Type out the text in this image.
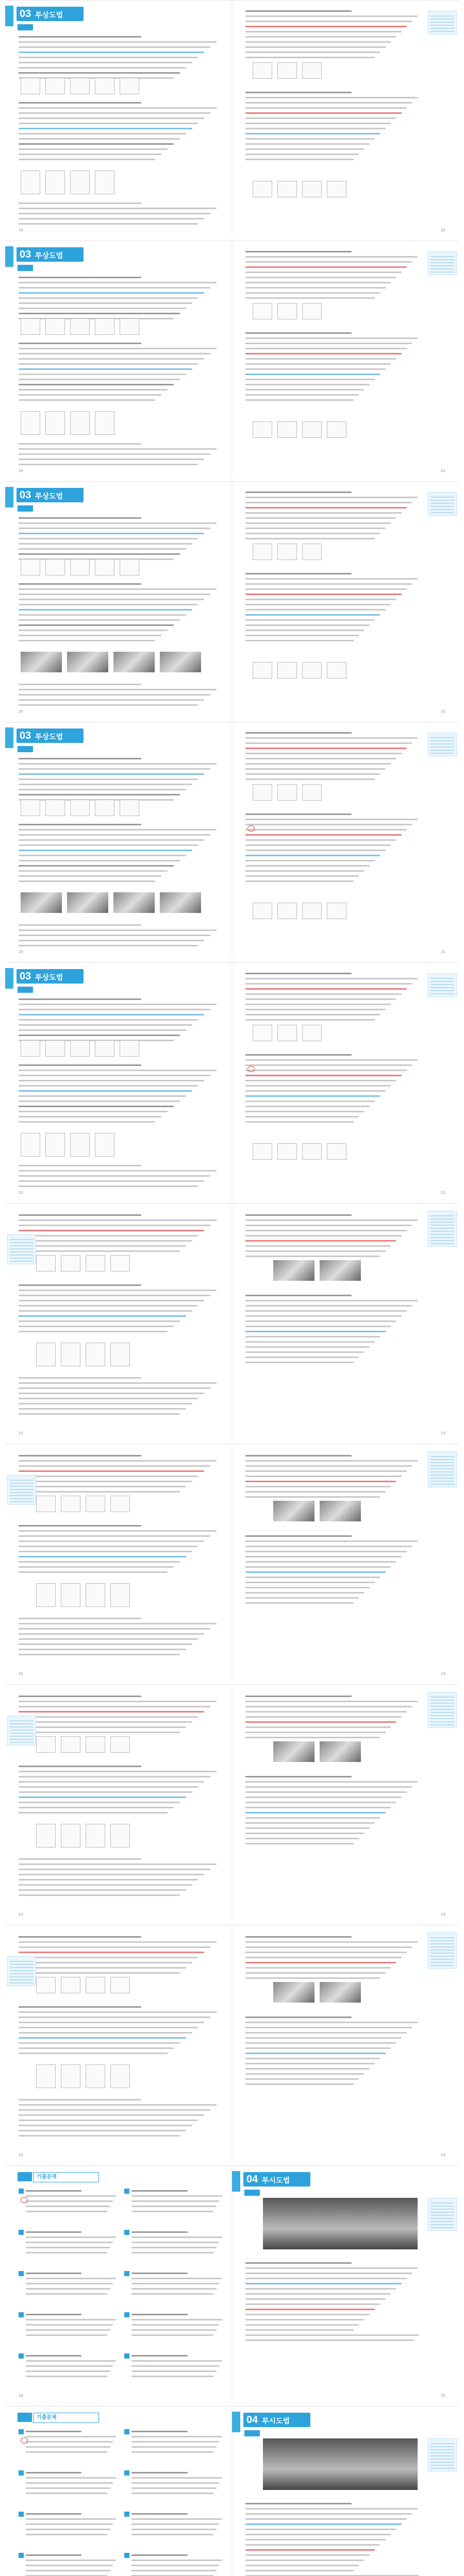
03 투상도법
20	21
03 투상도법
20	21
03 투상도법
20	21
03 투상도법
20	21
03 투상도법
20	21
22	23
22	23
22	23
22	23
기출문제
24
04 투시도법
25
기출문제	04 투시도법
